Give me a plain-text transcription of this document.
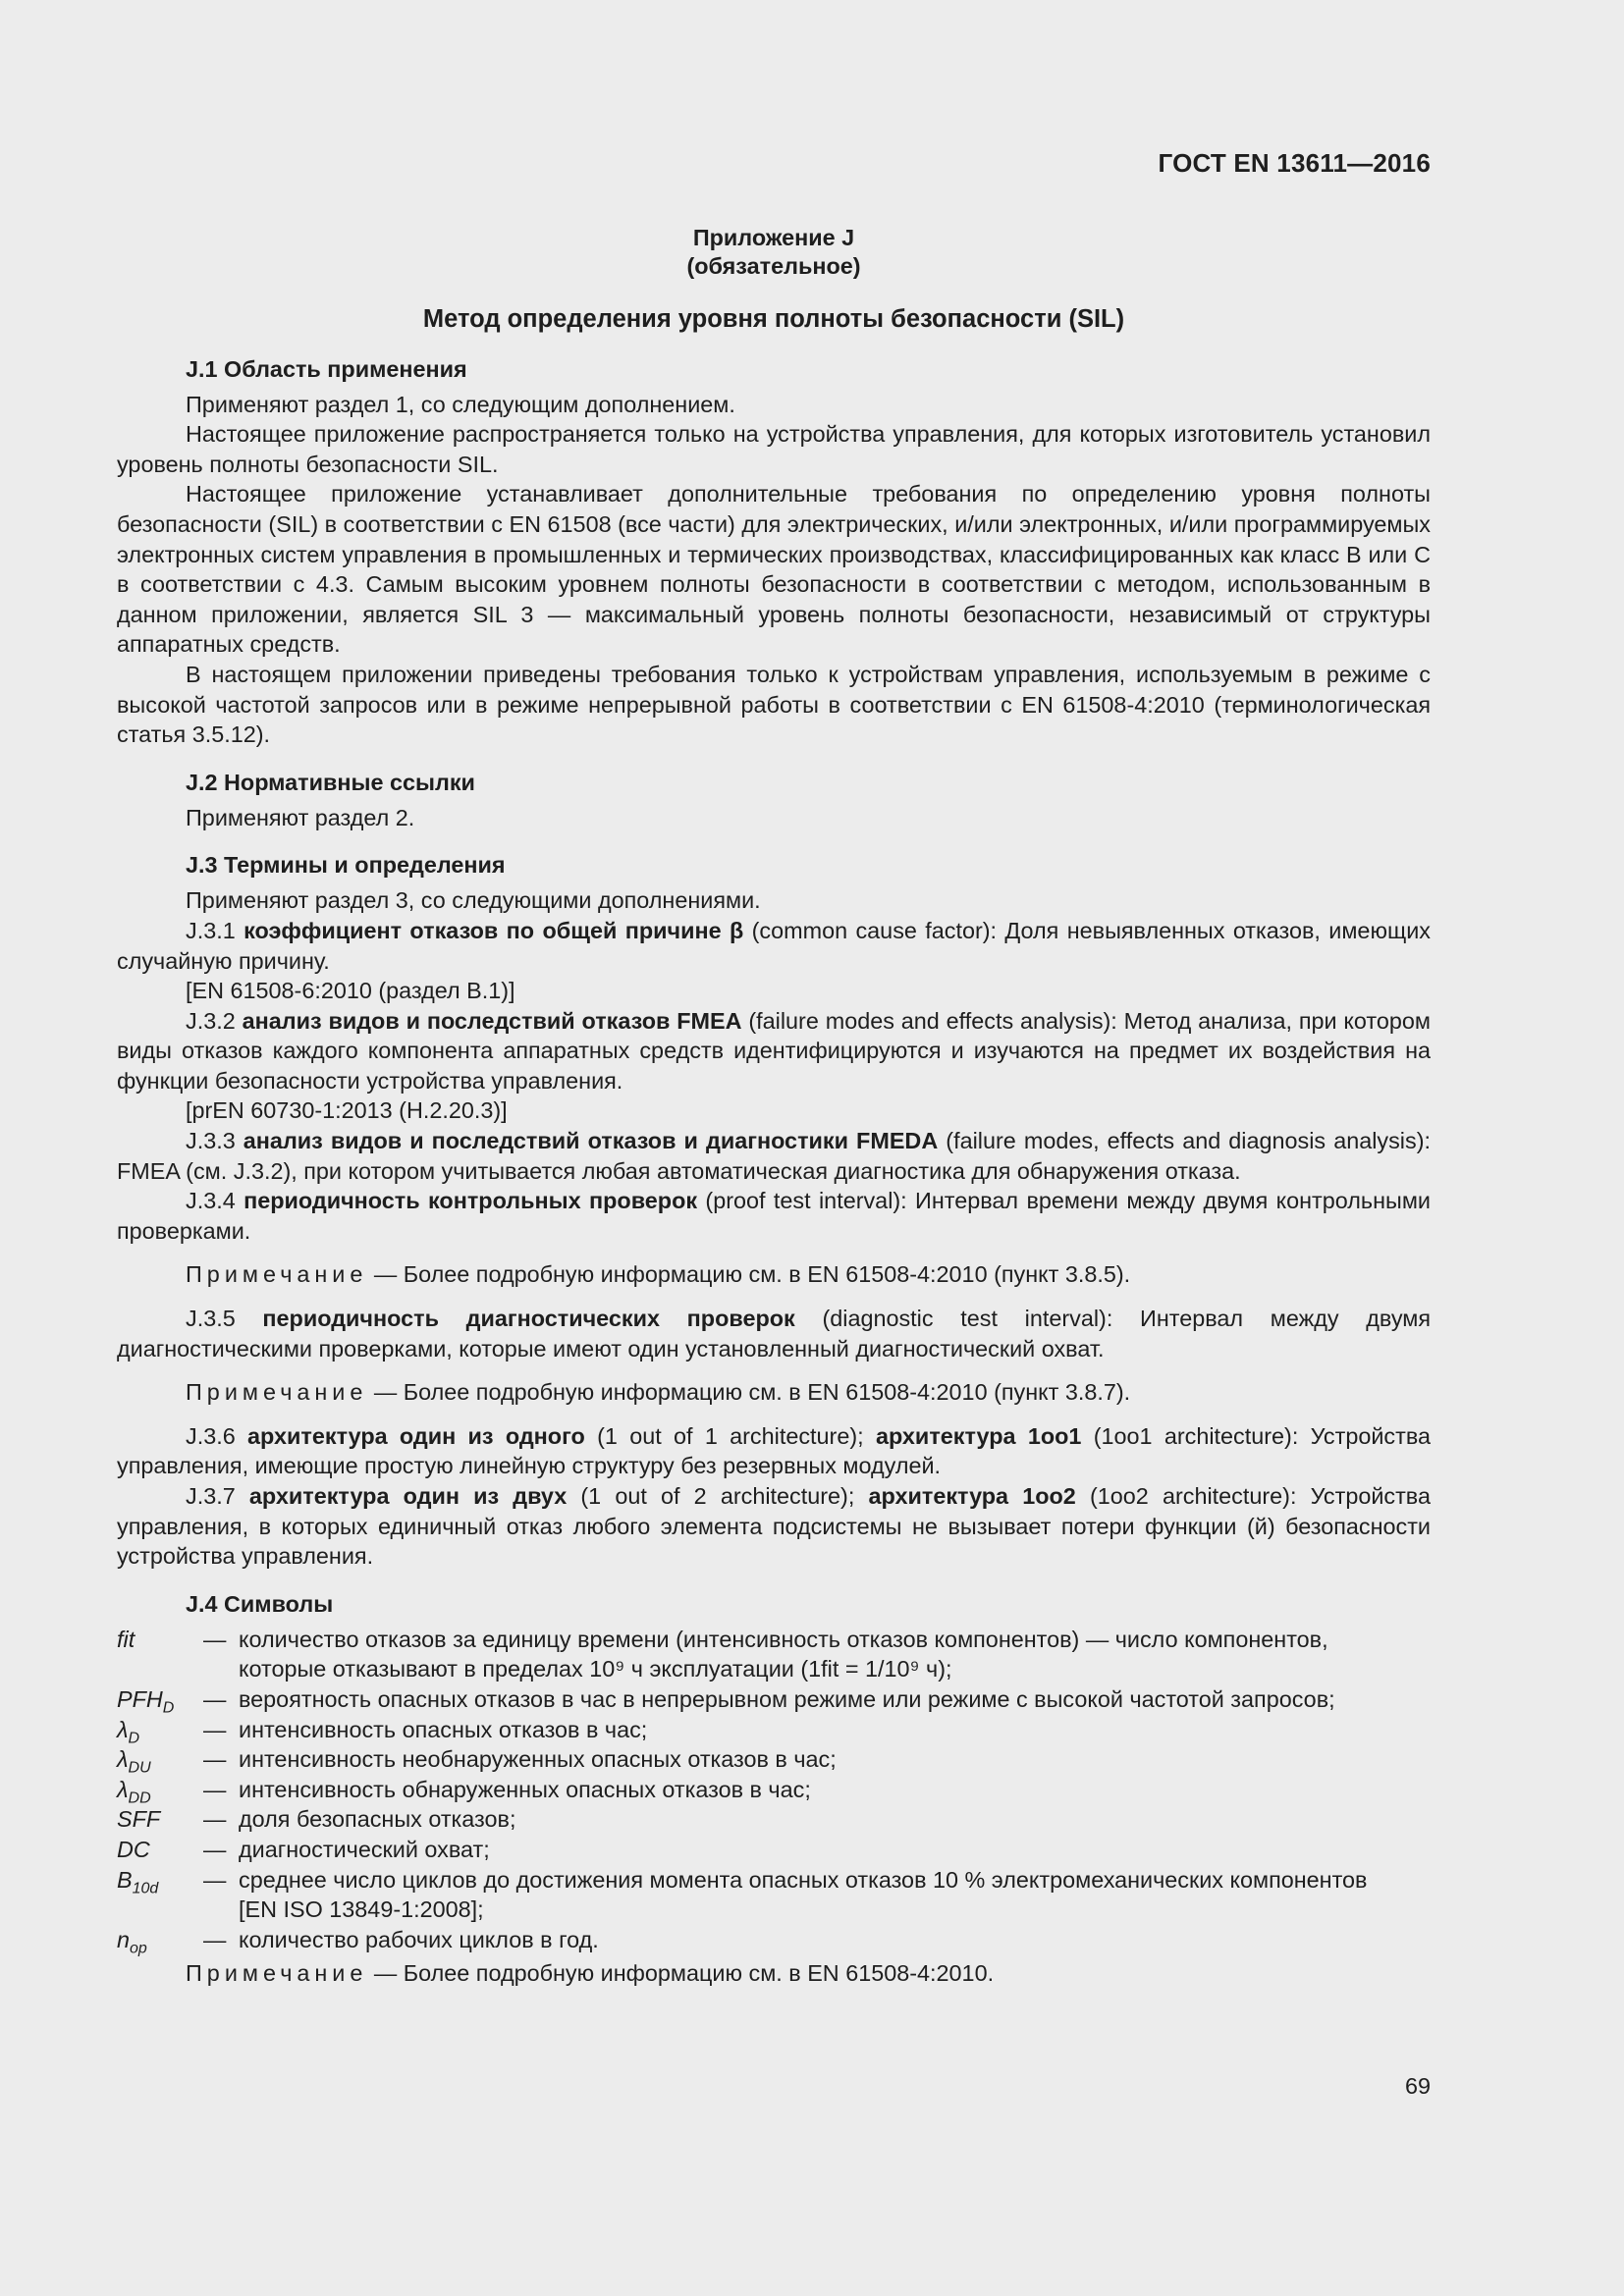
ГОСТ EN 13611—2016
Приложение J
(обязательное)
Метод определения уровня полноты безопасности (SIL)
J.1 Область применения

Применяют раздел 1, со следующим дополнением.

Настоящее приложение распространяется только на устройства управления, для которых изготовитель установил уровень полноты безопасности SIL.

Настоящее приложение устанавливает дополнительные требования по определению уровня полноты безопасности (SIL) в соответствии с EN 61508 (все части) для электрических, и/или электронных, и/или программируемых электронных систем управления в промышленных и термических производствах, классифицированных как класс В или С в соответствии с 4.3. Самым высоким уровнем полноты безопасности в соответствии с методом, использованным в данном приложении, является SIL 3 — максимальный уровень полноты безопасности, независимый от структуры аппаратных средств.

В настоящем приложении приведены требования только к устройствам управления, используемым в режиме с высокой частотой запросов или в режиме непрерывной работы в соответствии с EN 61508-4:2010 (терминологическая статья 3.5.12).

J.2 Нормативные ссылки

Применяют раздел 2.

J.3 Термины и определения

Применяют раздел 3, со следующими дополнениями.

J.3.1 коэффициент отказов по общей причине β (common cause factor): Доля невыявленных отказов, имеющих случайную причину.

[EN 61508-6:2010 (раздел В.1)]

J.3.2 анализ видов и последствий отказов FMEA (failure modes and effects analysis): Метод анализа, при котором виды отказов каждого компонента аппаратных средств идентифицируются и изучаются на предмет их воздействия на функции безопасности устройства управления.

[prEN 60730-1:2013 (H.2.20.3)]

J.3.3 анализ видов и последствий отказов и диагностики FMEDA (failure modes, effects and diagnosis analysis): FMEA (см. J.3.2), при котором учитывается любая автоматическая диагностика для обнаружения отказа.

J.3.4 периодичность контрольных проверок (proof test interval): Интервал времени между двумя контрольными проверками.

Примечание — Более подробную информацию см. в EN 61508-4:2010 (пункт 3.8.5).

J.3.5 периодичность диагностических проверок (diagnostic test interval): Интервал между двумя диагностическими проверками, которые имеют один установленный диагностический охват.

Примечание — Более подробную информацию см. в EN 61508-4:2010 (пункт 3.8.7).

J.3.6 архитектура один из одного (1 out of 1 architecture); архитектура 1oo1 (1oo1 architecture): Устройства управления, имеющие простую линейную структуру без резервных модулей.

J.3.7 архитектура один из двух (1 out of 2 architecture); архитектура 1oo2 (1oo2 architecture): Устройства управления, в которых единичный отказ любого элемента подсистемы не вызывает потери функции (й) безопасности устройства управления.

J.4 Символы
fit	— количество отказов за единицу времени (интенсивность отказов компонентов) — число компонентов, которые отказывают в пределах 10⁹ ч эксплуатации (1fit = 1/10⁹ ч);
$PFH_D$	— вероятность опасных отказов в час в непрерывном режиме или режиме с высокой частотой запросов;
$\lambda_D$	— интенсивность опасных отказов в час;
$\lambda_{DU}$	— интенсивность необнаруженных опасных отказов в час;
$\lambda_{DD}$	— интенсивность обнаруженных опасных отказов в час;
SFF	— доля безопасных отказов;
DC	— диагностический охват;
$B_{10d}$	— среднее число циклов до достижения момента опасных отказов 10 % электромеханических компонентов [EN ISO 13849-1:2008];
$n_{op}$	— количество рабочих циклов в год.

Примечание — Более подробную информацию см. в EN 61508-4:2010.

69
